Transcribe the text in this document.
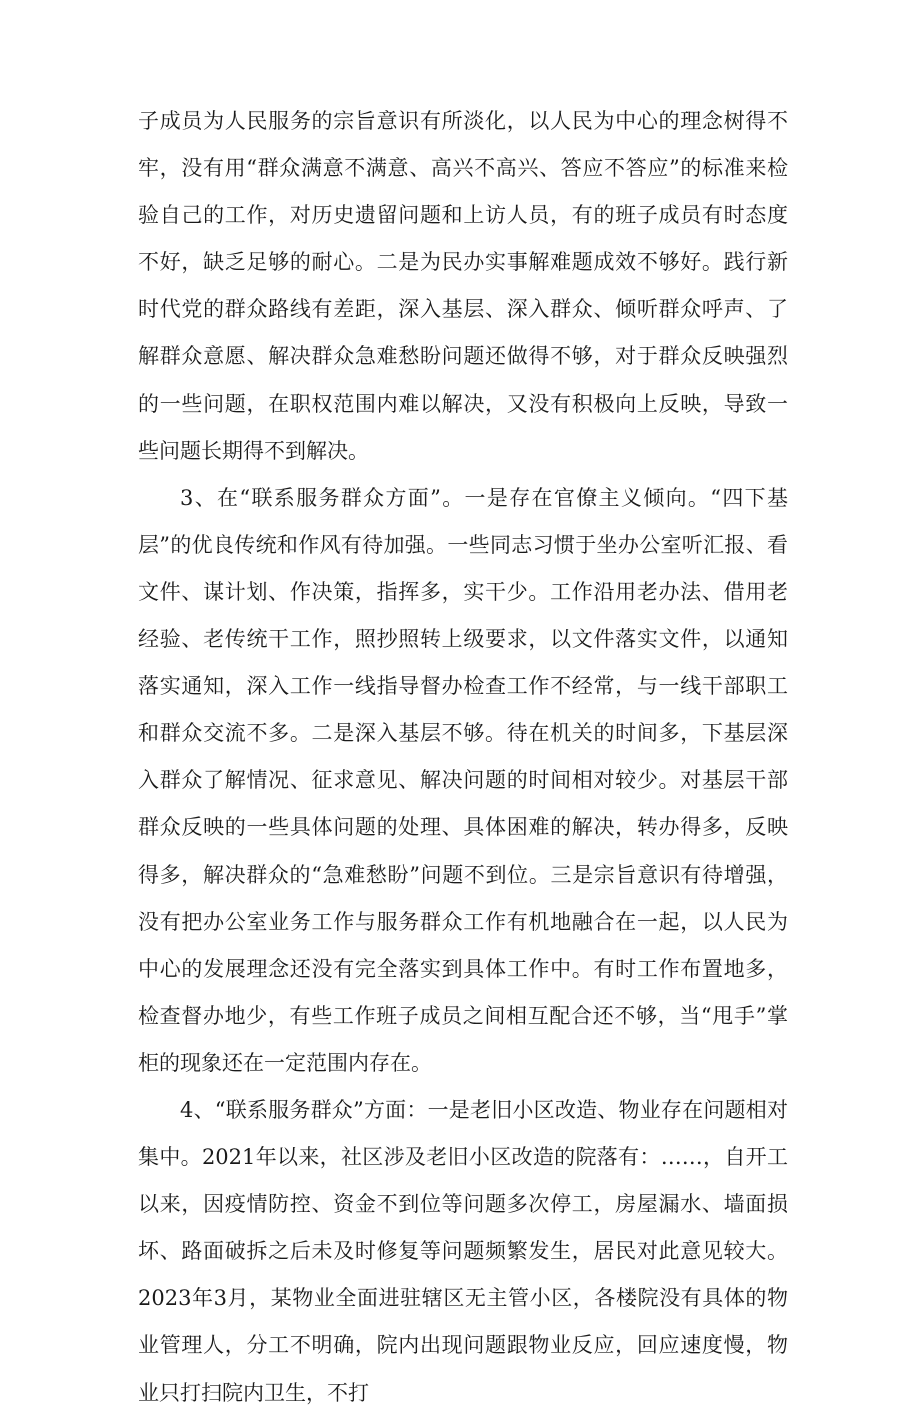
子成员为人民服务的宗旨意识有所淡化，以人民为中心的理念树得不牢，没有用“群众满意不满意、高兴不高兴、答应不答应”的标准来检验自己的工作，对历史遗留问题和上访人员，有的班子成员有时态度不好，缺乏足够的耐心。二是为民办实事解难题成效不够好。践行新时代党的群众路线有差距，深入基层、深入群众、倾听群众呼声、了解群众意愿、解决群众急难愁盼问题还做得不够，对于群众反映强烈的一些问题，在职权范围内难以解决，又没有积极向上反映，导致一些问题长期得不到解决。

3、在“联系服务群众方面”。一是存在官僚主义倾向。“四下基层”的优良传统和作风有待加强。一些同志习惯于坐办公室听汇报、看文件、谋计划、作决策，指挥多，实干少。工作沿用老办法、借用老经验、老传统干工作，照抄照转上级要求，以文件落实文件，以通知落实通知，深入工作一线指导督办检查工作不经常，与一线干部职工和群众交流不多。二是深入基层不够。待在机关的时间多，下基层深入群众了解情况、征求意见、解决问题的时间相对较少。对基层干部群众反映的一些具体问题的处理、具体困难的解决，转办得多，反映得多，解决群众的“急难愁盼”问题不到位。三是宗旨意识有待增强，没有把办公室业务工作与服务群众工作有机地融合在一起，以人民为中心的发展理念还没有完全落实到具体工作中。有时工作布置地多，检查督办地少，有些工作班子成员之间相互配合还不够，当“甩手”掌柜的现象还在一定范围内存在。

4、“联系服务群众”方面：一是老旧小区改造、物业存在问题相对集中。2021年以来，社区涉及老旧小区改造的院落有：……，自开工以来，因疫情防控、资金不到位等问题多次停工，房屋漏水、墙面损坏、路面破拆之后未及时修复等问题频繁发生，居民对此意见较大。2023年3月，某物业全面进驻辖区无主管小区，各楼院没有具体的物业管理人，分工不明确，院内出现问题跟物业反应，回应速度慢，物业只打扫院内卫生，不打
